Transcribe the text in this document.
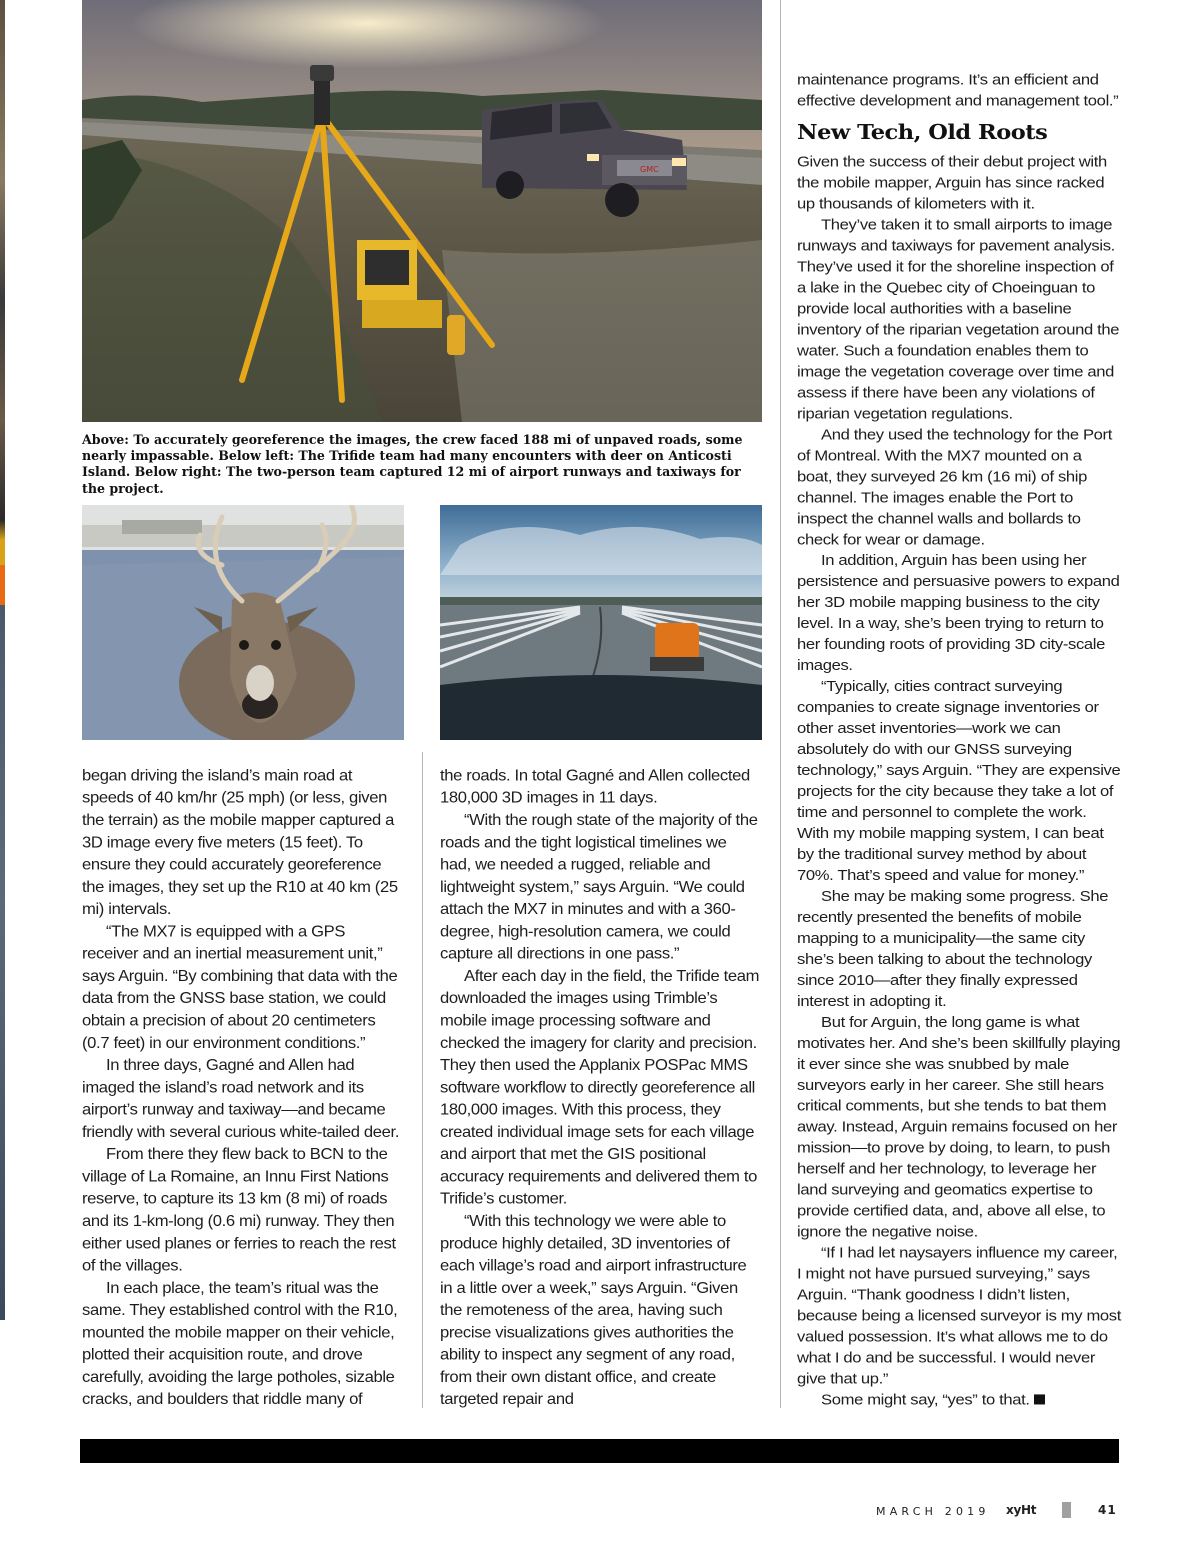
GMC
Above: To accurately georeference the images, the crew faced 188 mi of unpaved roads, some nearly impassable. Below left: The Trifide team had many encounters with deer on Anticosti Island. Below right: The two-person team captured 12 mi of airport runways and taxiways for the project.

began driving the island’s main road at speeds of 40 km/hr (25 mph) (or less, given the terrain) as the mobile mapper captured a 3D image every five meters (15 feet). To ensure they could accurately georeference the images, they set up the R10 at 40 km (25 mi) intervals.

“The MX7 is equipped with a GPS receiver and an inertial measurement unit,” says Arguin. “By combining that data with the data from the GNSS base station, we could obtain a precision of about 20 centimeters (0.7 feet) in our environment conditions.”

In three days, Gagné and Allen had imaged the island’s road network and its airport’s runway and taxiway—and became friendly with several curious white-tailed deer.

From there they flew back to BCN to the village of La Romaine, an Innu First Nations reserve, to capture its 13 km (8 mi) of roads and its 1-km-long (0.6 mi) runway. They then either used planes or ferries to reach the rest of the villages.

In each place, the team’s ritual was the same. They established control with the R10, mounted the mobile mapper on their vehicle, plotted their acquisition route, and drove carefully, avoiding the large potholes, sizable cracks, and boulders that riddle many of

the roads. In total Gagné and Allen collected 180,000 3D images in 11 days.

“With the rough state of the majority of the roads and the tight logistical timelines we had, we needed a rugged, reliable and lightweight system,” says Arguin. “We could attach the MX7 in minutes and with a 360-degree, high-resolution camera, we could capture all directions in one pass.”

After each day in the field, the Trifide team downloaded the images using Trimble’s mobile image processing software and checked the imagery for clarity and precision. They then used the Applanix POSPac MMS software workflow to directly georeference all 180,000 images. With this process, they created individual image sets for each village and airport that met the GIS positional accuracy requirements and delivered them to Trifide’s customer.

“With this technology we were able to produce highly detailed, 3D inventories of each village’s road and airport infrastructure in a little over a week,” says Arguin. “Given the remoteness of the area, having such precise visualizations gives authorities the ability to inspect any segment of any road, from their own distant office, and create targeted repair and

maintenance programs. It’s an efficient and effective development and management tool.”

New Tech, Old Roots

Given the success of their debut project with the mobile mapper, Arguin has since racked up thousands of kilometers with it.

They’ve taken it to small airports to image runways and taxiways for pavement analysis. They’ve used it for the shoreline inspection of a lake in the Quebec city of Choeinguan to provide local authorities with a baseline inventory of the riparian vegetation around the water. Such a foundation enables them to image the vegetation coverage over time and assess if there have been any violations of riparian vegetation regulations.

And they used the technology for the Port of Montreal. With the MX7 mounted on a boat, they surveyed 26 km (16 mi) of ship channel. The images enable the Port to inspect the channel walls and bollards to check for wear or damage.

In addition, Arguin has been using her persistence and persuasive powers to expand her 3D mobile mapping business to the city level. In a way, she’s been trying to return to her founding roots of providing 3D city-scale images.

“Typically, cities contract surveying companies to create signage inventories or other asset inventories—work we can absolutely do with our GNSS surveying technology,” says Arguin. “They are expensive projects for the city because they take a lot of time and personnel to complete the work. With my mobile mapping system, I can beat by the traditional survey method by about 70%. That’s speed and value for money.”

She may be making some progress. She recently presented the benefits of mobile mapping to a municipality—the same city she’s been talking to about the technology since 2010—after they finally expressed interest in adopting it.

But for Arguin, the long game is what motivates her. And she’s been skillfully playing it ever since she was snubbed by male surveyors early in her career. She still hears critical comments, but she tends to bat them away. Instead, Arguin remains focused on her mission—to prove by doing, to learn, to push herself and her technology, to leverage her land surveying and geomatics expertise to provide certified data, and, above all else, to ignore the negative noise.

“If I had let naysayers influence my career, I might not have pursued surveying,” says Arguin. “Thank goodness I didn’t listen, because being a licensed surveyor is my most valued possession. It’s what allows me to do what I do and be successful. I would never give that up.”

Some might say, “yes” to that.

MARCH 2019 xyHt	41
